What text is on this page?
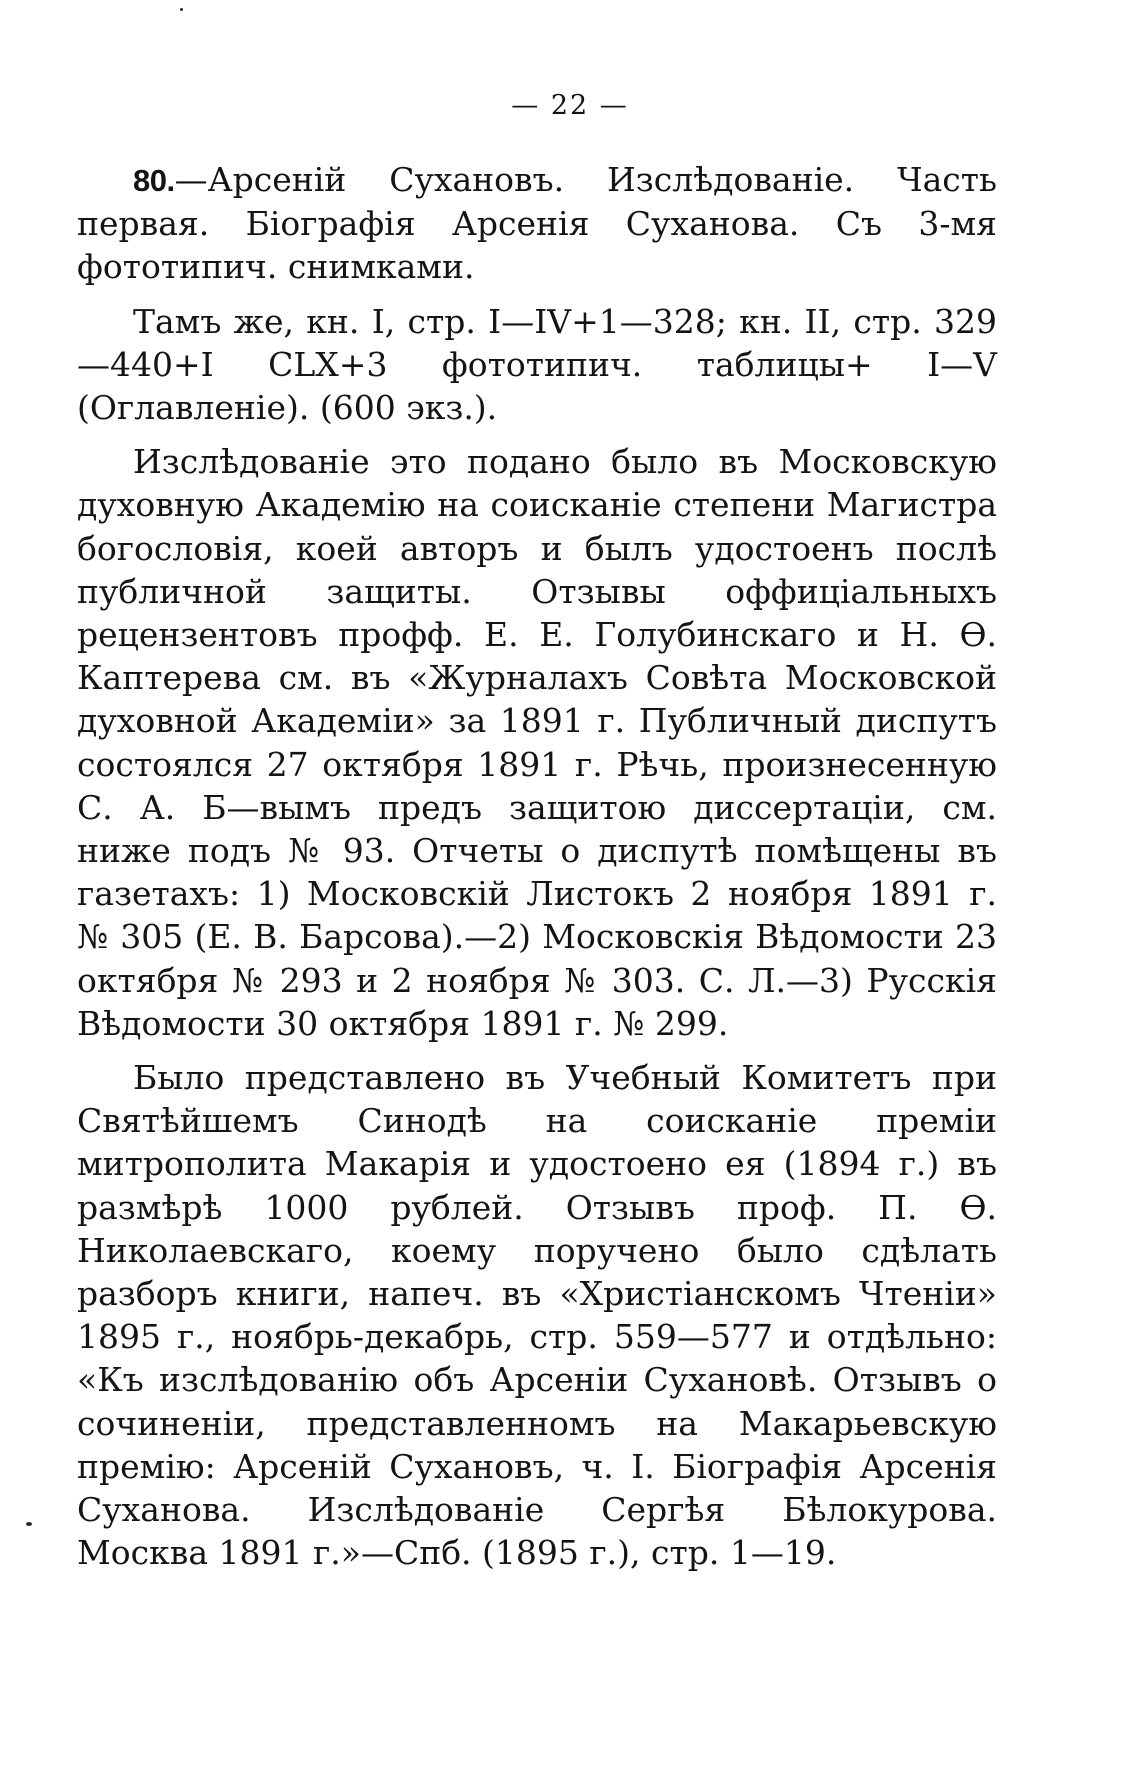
— 22 —

80.—Арсеній Сухановъ. Изслѣдованіе. Часть первая. Біографія Арсенія Суханова. Съ 3-мя фототипич. снимками.

Тамъ же, кн. I, стр. I—IV+1—328; кн. II, стр. 329—440+I CLX+3 фототипич. таблицы+ I—V (Оглавленіе). (600 экз.).

Изслѣдованіе это подано было въ Московскую духовную Академію на соисканіе степени Магистра богословія, коей авторъ и былъ удостоенъ послѣ публичной защиты. Отзывы оффиціальныхъ рецензентовъ профф. Е. Е. Голубинскаго и Н. Ѳ. Каптерева см. въ «Журналахъ Совѣта Московской духовной Академіи» за 1891 г. Публичный диспутъ состоялся 27 октября 1891 г. Рѣчь, произнесенную С. А. Б—вымъ предъ защитою диссертаціи, см. ниже подъ № 93. Отчеты о диспутѣ помѣщены въ газетахъ: 1) Московскій Листокъ 2 ноября 1891 г. № 305 (Е. В. Барсова).—2) Московскія Вѣдомости 23 октября № 293 и 2 ноября № 303. С. Л.—3) Русскія Вѣдомости 30 октября 1891 г. № 299.

Было представлено въ Учебный Комитетъ при Святѣйшемъ Синодѣ на соисканіе преміи митрополита Макарія и удостоено ея (1894 г.) въ размѣрѣ 1000 рублей. Отзывъ проф. П. Ѳ. Николаевскаго, коему поручено было сдѣлать разборъ книги, напеч. въ «Христіанскомъ Чтеніи» 1895 г., ноябрь-декабрь, стр. 559—577 и отдѣльно: «Къ изслѣдованію объ Арсеніи Сухановѣ. Отзывъ о сочиненіи, представленномъ на Макарьевскую премію: Арсеній Сухановъ, ч. I. Біографія Арсенія Суханова. Изслѣдованіе Сергѣя Бѣлокурова. Москва 1891 г.»—Спб. (1895 г.), стр. 1—19.
